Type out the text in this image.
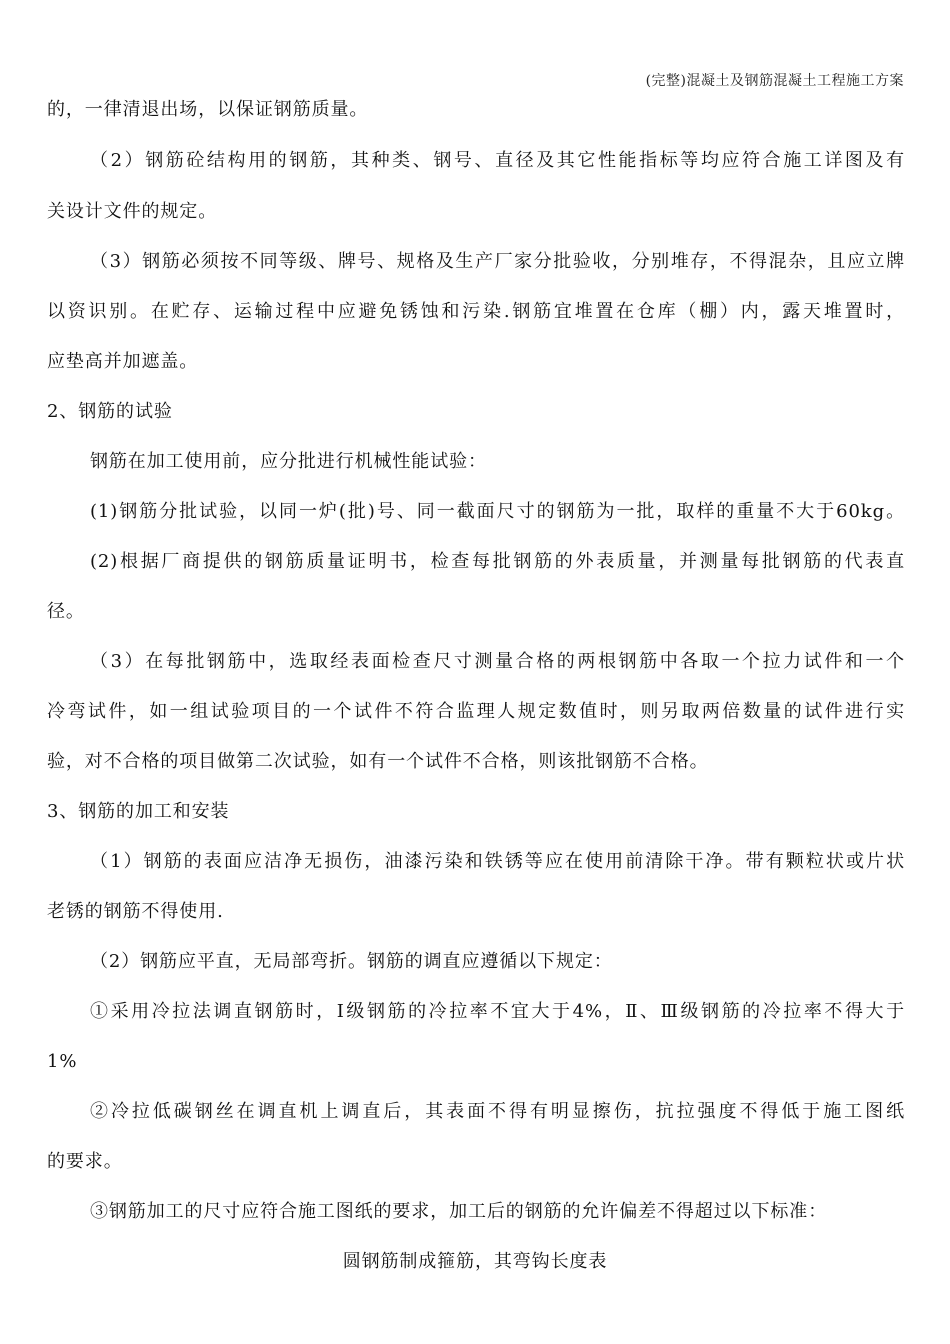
(完整)混凝土及钢筋混凝土工程施工方案
的，一律清退出场，以保证钢筋质量。
（2）钢筋砼结构用的钢筋，其种类、钢号、直径及其它性能指标等均应符合施工详图及有
关设计文件的规定。
（3）钢筋必须按不同等级、牌号、规格及生产厂家分批验收，分别堆存，不得混杂，且应立牌
以资识别。在贮存、运输过程中应避免锈蚀和污染.钢筋宜堆置在仓库（棚）内，露天堆置时，
应垫高并加遮盖。
2、钢筋的试验
钢筋在加工使用前，应分批进行机械性能试验：
(1)钢筋分批试验，以同一炉(批)号、同一截面尺寸的钢筋为一批，取样的重量不大于60kg。
(2)根据厂商提供的钢筋质量证明书，检查每批钢筋的外表质量，并测量每批钢筋的代表直
径。
（3）在每批钢筋中，选取经表面检查尺寸测量合格的两根钢筋中各取一个拉力试件和一个
冷弯试件，如一组试验项目的一个试件不符合监理人规定数值时，则另取两倍数量的试件进行实
验，对不合格的项目做第二次试验，如有一个试件不合格，则该批钢筋不合格。
3、钢筋的加工和安装
（1）钢筋的表面应洁净无损伤，油漆污染和铁锈等应在使用前清除干净。带有颗粒状或片状
老锈的钢筋不得使用.
（2）钢筋应平直，无局部弯折。钢筋的调直应遵循以下规定：
①采用冷拉法调直钢筋时，Ⅰ级钢筋的冷拉率不宜大于4%，Ⅱ、Ⅲ级钢筋的冷拉率不得大于
1%
②冷拉低碳钢丝在调直机上调直后，其表面不得有明显擦伤，抗拉强度不得低于施工图纸
的要求。
③钢筋加工的尺寸应符合施工图纸的要求，加工后的钢筋的允许偏差不得超过以下标准：
圆钢筋制成箍筋，其弯钩长度表
